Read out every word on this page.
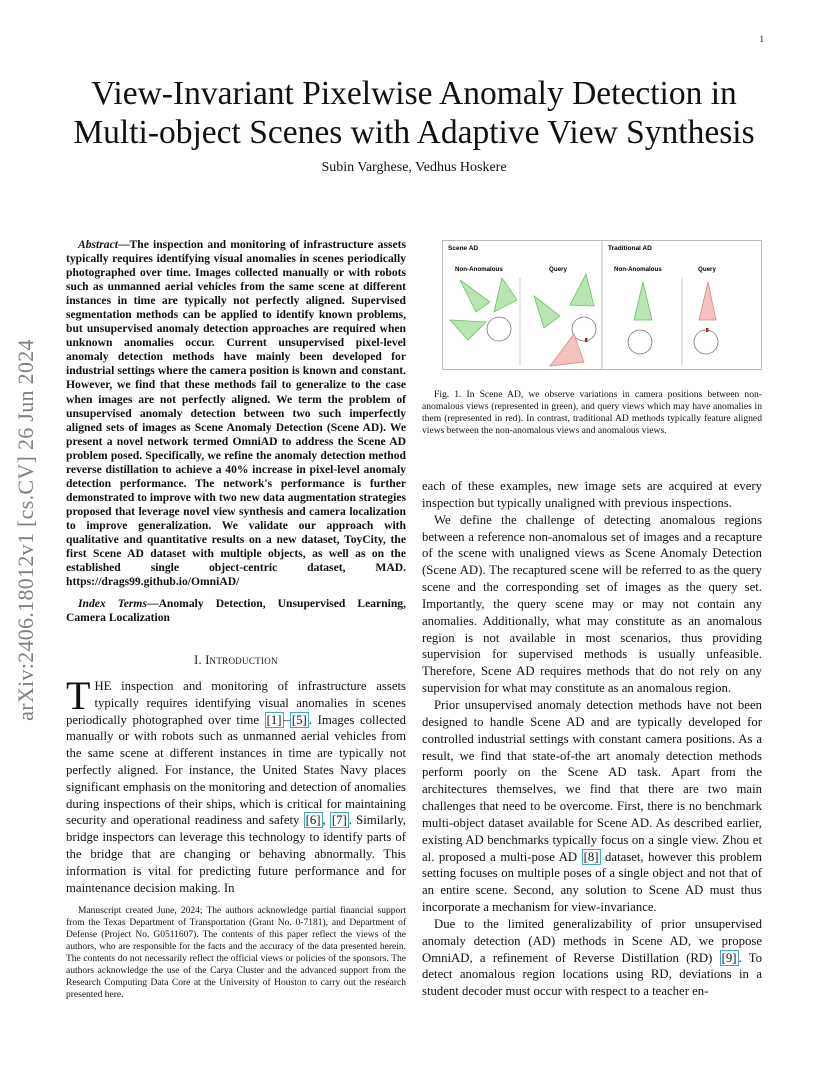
1
arXiv:2406.18012v1 [cs.CV] 26 Jun 2024
View-Invariant Pixelwise Anomaly Detection in Multi-object Scenes with Adaptive View Synthesis
Subin Varghese, Vedhus Hoskere
Abstract—The inspection and monitoring of infrastructure assets typically requires identifying visual anomalies in scenes periodically photographed over time. Images collected manually or with robots such as unmanned aerial vehicles from the same scene at different instances in time are typically not perfectly aligned. Supervised segmentation methods can be applied to identify known problems, but unsupervised anomaly detection approaches are required when unknown anomalies occur. Current unsupervised pixel-level anomaly detection methods have mainly been developed for industrial settings where the camera position is known and constant. However, we find that these methods fail to generalize to the case when images are not perfectly aligned. We term the problem of unsupervised anomaly detection between two such imperfectly aligned sets of images as Scene Anomaly Detection (Scene AD). We present a novel network termed OmniAD to address the Scene AD problem posed. Specifically, we refine the anomaly detection method reverse distillation to achieve a 40% increase in pixel-level anomaly detection performance. The network's performance is further demonstrated to improve with two new data augmentation strategies proposed that leverage novel view synthesis and camera localization to improve generalization. We validate our approach with qualitative and quantitative results on a new dataset, ToyCity, the first Scene AD dataset with multiple objects, as well as on the established single object-centric dataset, MAD. https://drags99.github.io/OmniAD/
Index Terms—Anomaly Detection, Unsupervised Learning, Camera Localization
I. Introduction
THE inspection and monitoring of infrastructure assets typically requires identifying visual anomalies in scenes periodically photographed over time [1] – [5] . Images collected manually or with robots such as unmanned aerial vehicles from the same scene at different instances in time are typically not perfectly aligned. For instance, the United States Navy places significant emphasis on the monitoring and detection of anomalies during inspections of their ships, which is critical for maintaining security and operational readiness and safety [6] , [7] . Similarly, bridge inspectors can leverage this technology to identify parts of the bridge that are changing or behaving abnormally. This information is vital for predicting future performance and for maintenance decision making. In
Manuscript created June, 2024; The authors acknowledge partial financial support from the Texas Department of Transportation (Grant No. 0-7181), and Department of Defense (Project No. G0511607). The contents of this paper reflect the views of the authors, who are responsible for the facts and the accuracy of the data presented herein. The contents do not necessarily reflect the official views or policies of the sponsors. The authors acknowledge the use of the Carya Cluster and the advanced support from the Research Computing Data Core at the University of Houston to carry out the research presented here.
Scene AD	Traditional AD
Non-Anomalous	Query	Non-Anomalous	Query
Fig. 1. In Scene AD, we observe variations in camera positions between non-anomalous views (represented in green), and query views which may have anomalies in them (represented in red). In contrast, traditional AD methods typically feature aligned views between the non-anomalous views and anomalous views.

each of these examples, new image sets are acquired at every inspection but typically unaligned with previous inspections.

We define the challenge of detecting anomalous regions between a reference non-anomalous set of images and a recapture of the scene with unaligned views as Scene Anomaly Detection (Scene AD). The recaptured scene will be referred to as the query scene and the corresponding set of images as the query set. Importantly, the query scene may or may not contain any anomalies. Additionally, what may constitute as an anomalous region is not available in most scenarios, thus providing supervision for supervised methods is usually unfeasible. Therefore, Scene AD requires methods that do not rely on any supervision for what may constitute as an anomalous region.

Prior unsupervised anomaly detection methods have not been designed to handle Scene AD and are typically developed for controlled industrial settings with constant camera positions. As a result, we find that state-of-the art anomaly detection methods perform poorly on the Scene AD task. Apart from the architectures themselves, we find that there are two main challenges that need to be overcome. First, there is no benchmark multi-object dataset available for Scene AD. As described earlier, existing AD benchmarks typically focus on a single view. Zhou et al. proposed a multi-pose AD [8] dataset, however this problem setting focuses on multiple poses of a single object and not that of an entire scene. Second, any solution to Scene AD must thus incorporate a mechanism for view-invariance.

Due to the limited generalizability of prior unsupervised anomaly detection (AD) methods in Scene AD, we propose OmniAD, a refinement of Reverse Distillation (RD) [9] . To detect anomalous region locations using RD, deviations in a student decoder must occur with respect to a teacher en-
